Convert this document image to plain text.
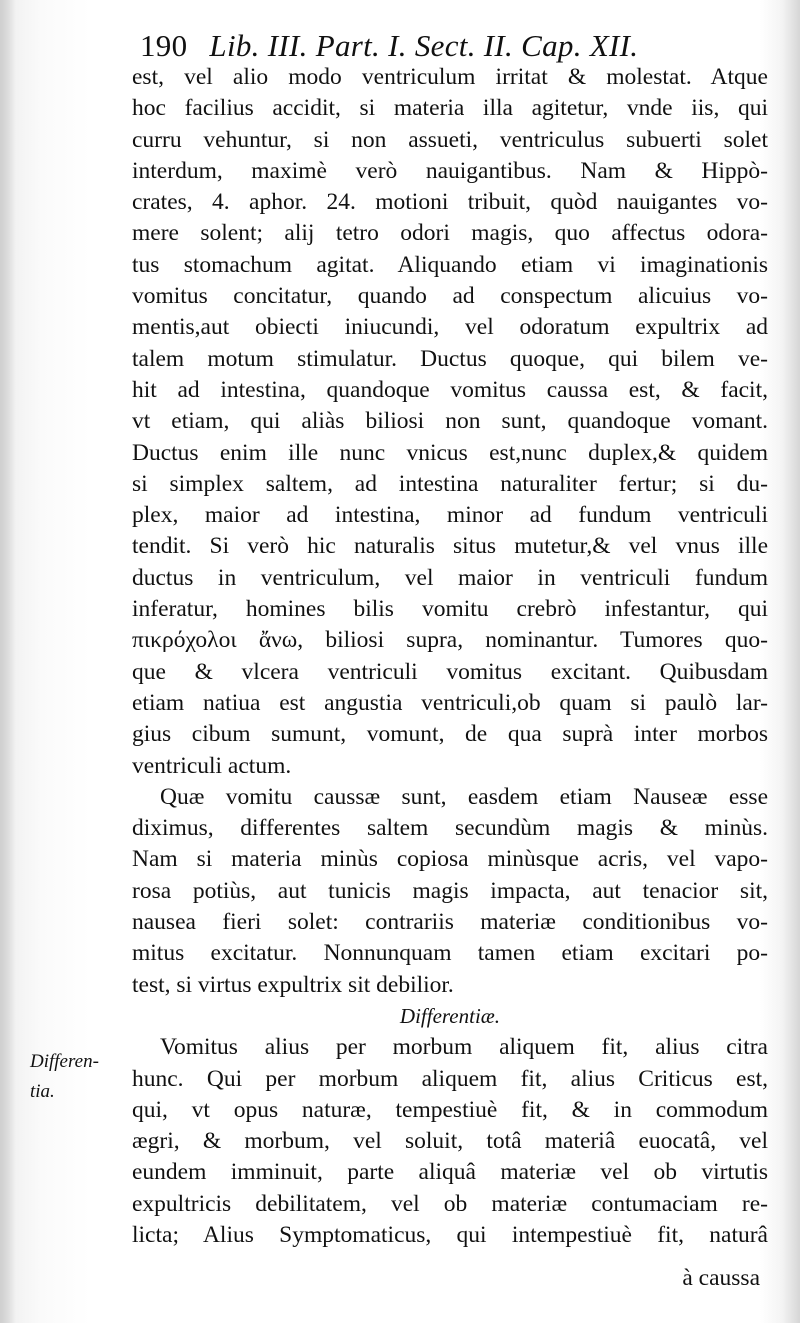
190 Lib. III. Part. I. Sect. II. Cap. XII.
est, vel alio modo ventriculum irritat & molestat. Atque
hoc facilius accidit, si materia illa agitetur, vnde iis, qui
curru vehuntur, si non assueti, ventriculus subuerti solet
interdum, maximè verò nauigantibus. Nam & Hippò-
crates, 4. aphor. 24. motioni tribuit, quòd nauigantes vo-
mere solent; alij tetro odori magis, quo affectus odora-
tus stomachum agitat. Aliquando etiam vi imaginationis
vomitus concitatur, quando ad conspectum alicuius vo-
mentis,aut obiecti iniucundi, vel odoratum expultrix ad
talem motum stimulatur. Ductus quoque, qui bilem ve-
hit ad intestina, quandoque vomitus caussa est, & facit,
vt etiam, qui aliàs biliosi non sunt, quandoque vomant.
Ductus enim ille nunc vnicus est,nunc duplex,& quidem
si simplex saltem, ad intestina naturaliter fertur; si du-
plex, maior ad intestina, minor ad fundum ventriculi
tendit. Si verò hic naturalis situs mutetur,& vel vnus ille
ductus in ventriculum, vel maior in ventriculi fundum
inferatur, homines bilis vomitu crebrò infestantur, qui
πικρόχολοι ἄνω, biliosi supra, nominantur. Tumores quo-
que & vlcera ventriculi vomitus excitant. Quibusdam
etiam natiua est angustia ventriculi,ob quam si paulò lar-
gius cibum sumunt, vomunt, de qua suprà inter morbos
ventriculi actum.
Quæ vomitu caussæ sunt, easdem etiam Nauseæ esse
diximus, differentes saltem secundùm magis & minùs.
Nam si materia minùs copiosa minùsque acris, vel vapo-
rosa potiùs, aut tunicis magis impacta, aut tenacior sit,
nausea fieri solet: contrariis materiæ conditionibus vo-
mitus excitatur. Nonnunquam tamen etiam excitari po-
test, si virtus expultrix sit debilior.
Differentiæ.
Vomitus alius per morbum aliquem fit, alius citra
hunc. Qui per morbum aliquem fit, alius Criticus est,
qui, vt opus naturæ, tempestiuè fit, & in commodum
ægri, & morbum, vel soluit, totâ materiâ euocatâ, vel
eundem imminuit, parte aliquâ materiæ vel ob virtutis
expultricis debilitatem, vel ob materiæ contumaciam re-
licta; Alius Symptomaticus, qui intempestiuè fit, naturâ
Differen-
tia.
à caussa
